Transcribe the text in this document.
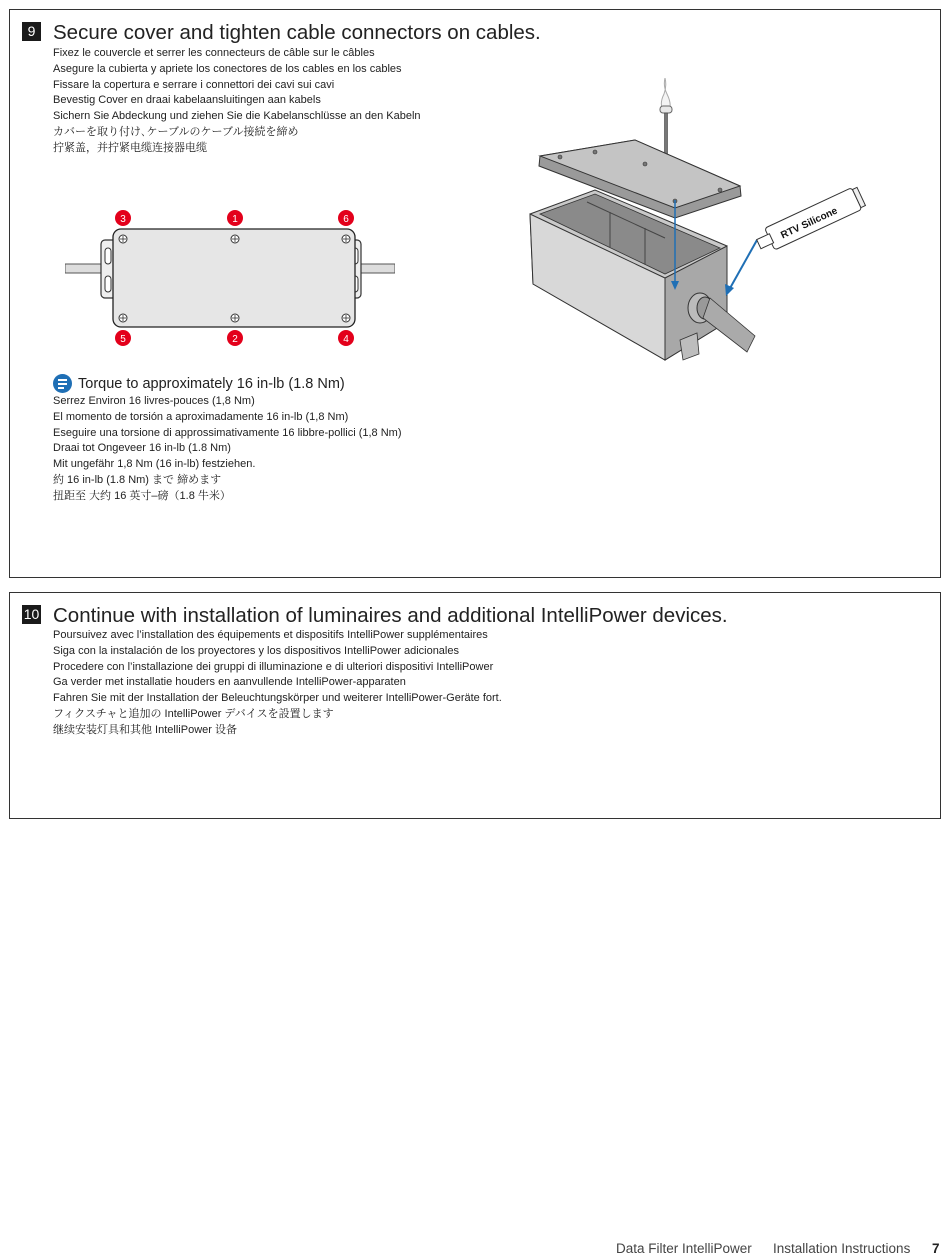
9 Secure cover and tighten cable connectors on cables.
Fixez le couvercle et serrer les connecteurs de câble sur le câbles
Asegure la cubierta y apriete los conectores de los cables en los cables
Fissare la copertura e serrare i connettori dei cavi sui cavi
Bevestig Cover en draai kabelaansluitingen aan kabels
Sichern Sie Abdeckung und ziehen Sie die Kabelanschlüsse an den Kabeln
カバーを取り付け､ケーブルのケーブル接続を締め
拧紧盖，并拧紧电缆连接器电缆
3	1	6
5	2	4
RTV Silicone
Torque to approximately 16 in-lb (1.8 Nm)
Serrez Environ 16 livres-pouces (1,8 Nm)
El momento de torsión a aproximadamente 16 in-lb (1,8 Nm)
Eseguire una torsione di approssimativamente 16 libbre-pollici (1,8 Nm)
Draai tot Ongeveer 16 in-lb (1.8 Nm)
Mit ungefähr 1,8 Nm (16 in-lb) festziehen.
約 16 in-lb (1.8 Nm) まで 締めます
扭距至 大约 16 英寸–磅（1.8 牛米）
10 Continue with installation of luminaires and additional IntelliPower devices.
Poursuivez avec l’installation des équipements et dispositifs IntelliPower supplémentaires
Siga con la instalación de los proyectores y los dispositivos IntelliPower adicionales
Procedere con l’installazione dei gruppi di illuminazione e di ulteriori dispositivi IntelliPower
Ga verder met installatie houders en aanvullende IntelliPower-apparaten
Fahren Sie mit der Installation der Beleuchtungskörper und weiterer IntelliPower-Geräte fort.
フィクスチャと追加の IntelliPower デバイスを設置します
继续安装灯具和其他 IntelliPower 设备
Data Filter IntelliPower Installation Instructions 7
